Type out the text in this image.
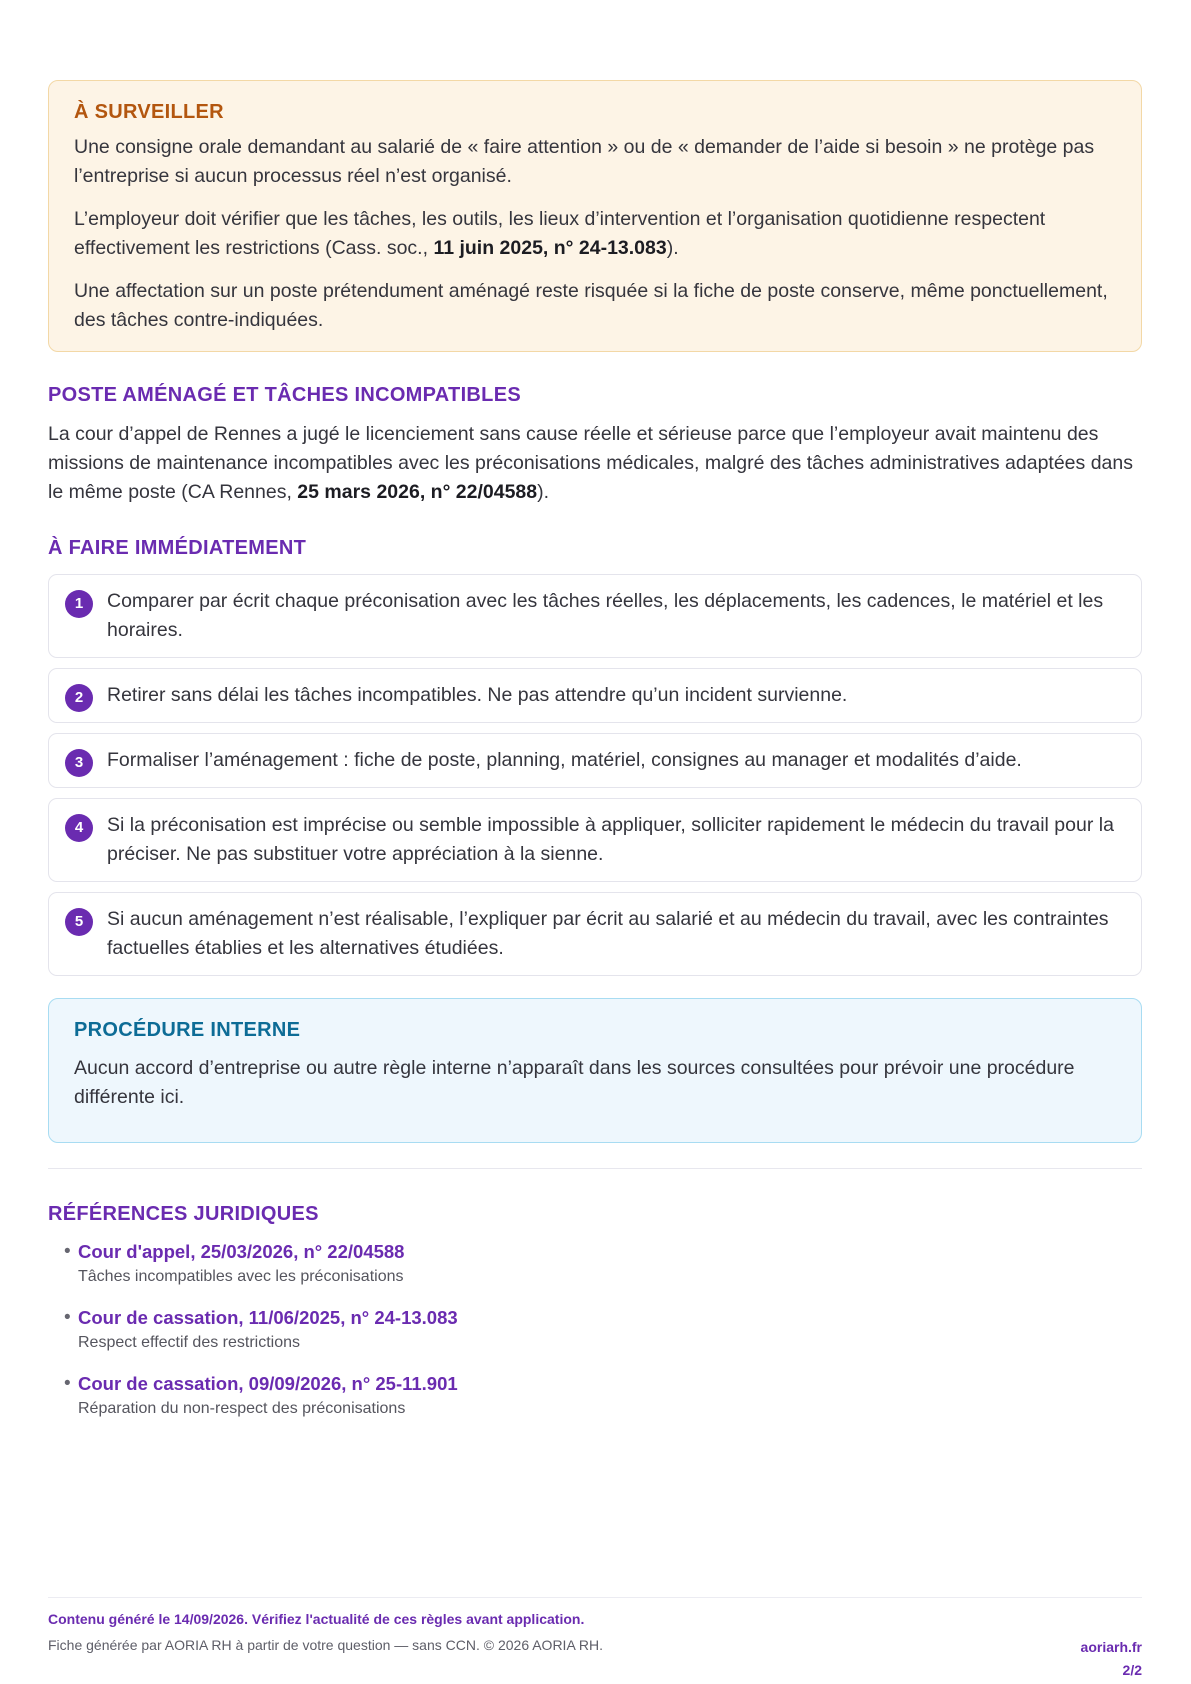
À SURVEILLER

Une consigne orale demandant au salarié de « faire attention » ou de « demander de l’aide si besoin » ne protège pas l’entreprise si aucun processus réel n’est organisé.

L’employeur doit vérifier que les tâches, les outils, les lieux d’intervention et l’organisation quotidienne respectent effectivement les restrictions (Cass. soc., 11 juin 2025, n° 24-13.083).

Une affectation sur un poste prétendument aménagé reste risquée si la fiche de poste conserve, même ponctuellement, des tâches contre-indiquées.

POSTE AMÉNAGÉ ET TÂCHES INCOMPATIBLES

La cour d’appel de Rennes a jugé le licenciement sans cause réelle et sérieuse parce que l’employeur avait maintenu des missions de maintenance incompatibles avec les préconisations médicales, malgré des tâches administratives adaptées dans le même poste (CA Rennes, 25 mars 2026, n° 22/04588).

À FAIRE IMMÉDIATEMENT
1	Comparer par écrit chaque préconisation avec les tâches réelles, les déplacements, les cadences, le matériel et les horaires.
2	Retirer sans délai les tâches incompatibles. Ne pas attendre qu’un incident survienne.
3	Formaliser l’aménagement : fiche de poste, planning, matériel, consignes au manager et modalités d’aide.
4	Si la préconisation est imprécise ou semble impossible à appliquer, solliciter rapidement le médecin du travail pour la préciser. Ne pas substituer votre appréciation à la sienne.
5	Si aucun aménagement n’est réalisable, l’expliquer par écrit au salarié et au médecin du travail, avec les contraintes factuelles établies et les alternatives étudiées.
PROCÉDURE INTERNE

Aucun accord d’entreprise ou autre règle interne n’apparaît dans les sources consultées pour prévoir une procédure différente ici.

RÉFÉRENCES JURIDIQUES
• Cour d'appel, 25/03/2026, n° 22/04588
Tâches incompatibles avec les préconisations
• Cour de cassation, 11/06/2025, n° 24-13.083
Respect effectif des restrictions
• Cour de cassation, 09/09/2026, n° 25-11.901
Réparation du non-respect des préconisations
Contenu généré le 14/09/2026. Vérifiez l'actualité de ces règles avant application.
Fiche générée par AORIA RH à partir de votre question — sans CCN. © 2026 AORIA RH.	aoriarh.fr
2/2
